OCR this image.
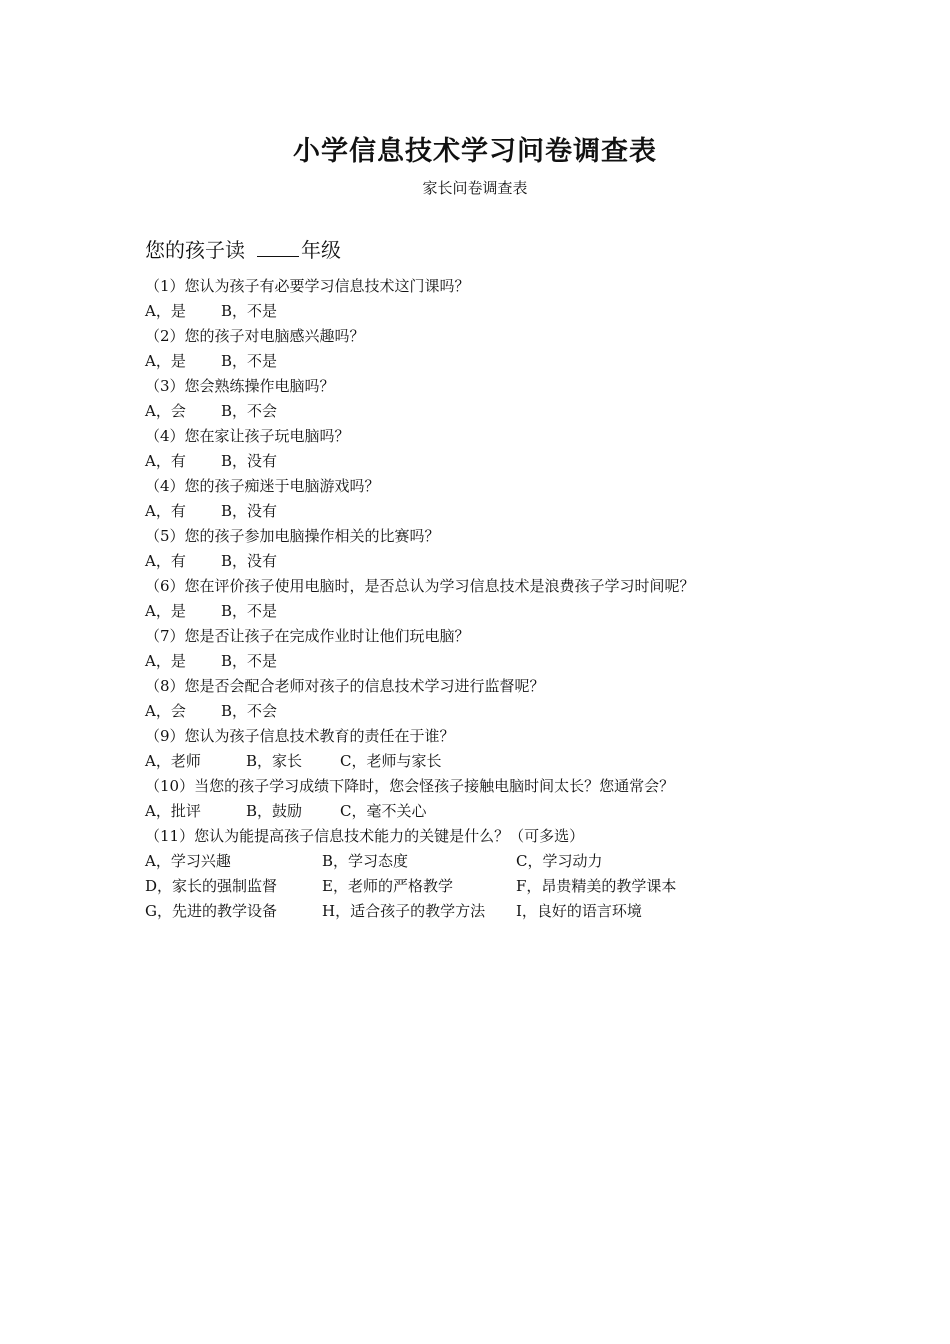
小学信息技术学习问卷调查表
家长问卷调查表
您的孩子读	年级
（1）您认为孩子有必要学习信息技术这门课吗？
A，是	B，不是
（2）您的孩子对电脑感兴趣吗？
A，是	B，不是
（3）您会熟练操作电脑吗？
A，会	B，不会
（4）您在家让孩子玩电脑吗？
A，有	B，没有
（4）您的孩子痴迷于电脑游戏吗？
A，有	B，没有
（5）您的孩子参加电脑操作相关的比赛吗？
A，有	B，没有
（6）您在评价孩子使用电脑时，是否总认为学习信息技术是浪费孩子学习时间呢？
A，是	B，不是
（7）您是否让孩子在完成作业时让他们玩电脑？
A，是	B，不是
（8）您是否会配合老师对孩子的信息技术学习进行监督呢？
A，会	B，不会
（9）您认为孩子信息技术教育的责任在于谁？
A，老师	B，家长	C，老师与家长
（10）当您的孩子学习成绩下降时，您会怪孩子接触电脑时间太长？您通常会？
A，批评	B，鼓励	C，毫不关心
（11）您认为能提高孩子信息技术能力的关键是什么？（可多选）
A，学习兴趣	B，学习态度	C，学习动力
D，家长的强制监督	E，老师的严格教学	F，昂贵精美的教学课本
G，先进的教学设备	H，适合孩子的教学方法	I，良好的语言环境
